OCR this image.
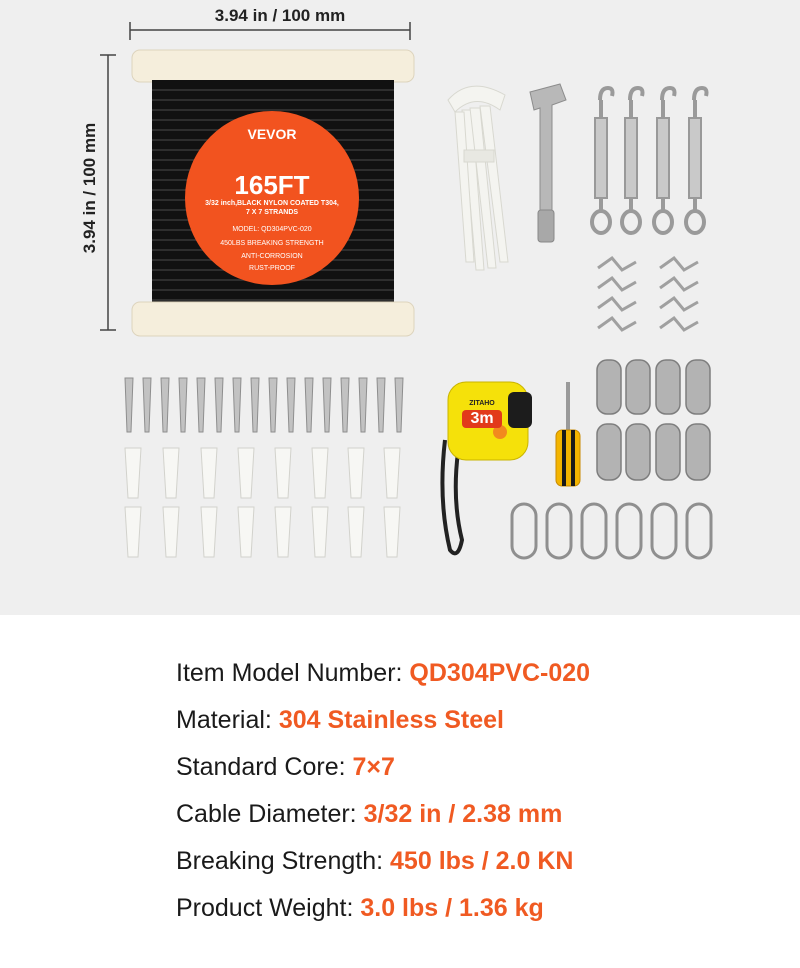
3.94 in / 100 mm
3.94 in / 100 mm	VEVOR
165FT
3/32 inch,BLACK NYLON COATED T304,
7 X 7 STRANDS
MODEL: QD304PVC-020
450LBS BREAKING STRENGTH
ANTI-CORROSION
RUST-PROOF
ZITAHO
3m
Item Model Number: QD304PVC-020
Material: 304 Stainless Steel
Standard Core: 7×7
Cable Diameter: 3/32 in / 2.38 mm
Breaking Strength: 450 lbs / 2.0 KN
Product Weight: 3.0 lbs / 1.36 kg
